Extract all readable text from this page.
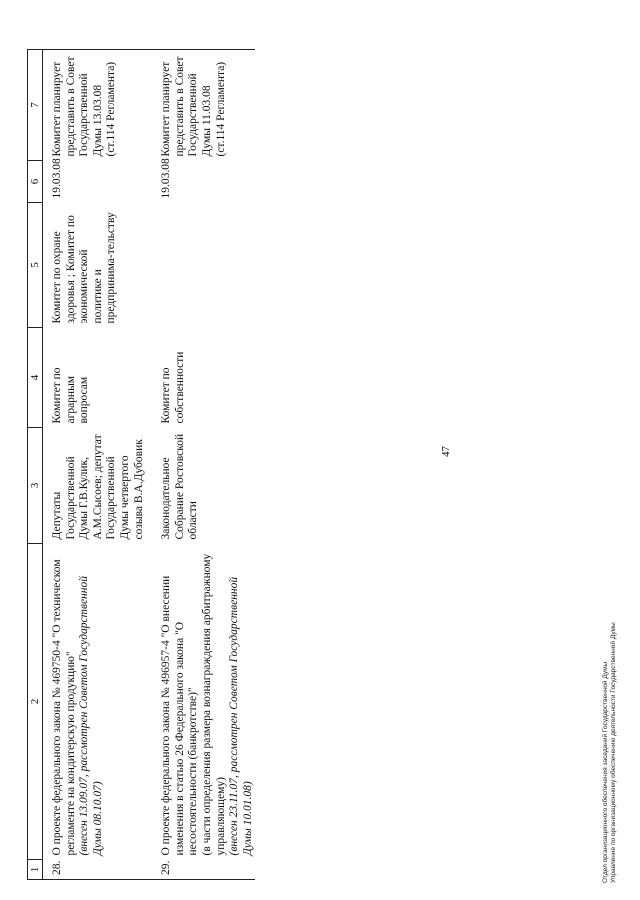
47
1	2	3	4	5	6	7
28.	О проекте федерального закона № 469750-4 "О техническом регламенте на кондитерскую продукцию" (внесен 13.09.07, рассмотрен Советом Государственной Думы 08.10.07)	Депутаты Государственной Думы Г.В.Кулик, А.М.Сысоев; депутат Государственной Думы четвертого созыва В.А.Дубовик	Комитет по аграрным вопросам	Комитет по охране здоровья ; Комитет по экономической политике и предпринима-тельству	19.03.08	Комитет планирует представить в Совет Государственной Думы 13.03.08 (ст.114 Регламента)
29.	О проекте федерального закона № 496957-4 "О внесении изменения в статью 26 Федерального закона "О несостоятельности (банкротстве)" (в части определения размера вознаграждения арбитражному управляющему) (внесен 23.11.07, рассмотрен Советом Государственной Думы 10.01.08)	Законодательное Собрание Ростовской области	Комитет по собственности		19.03.08	Комитет планирует представить в Совет Государственной Думы 11.03.08 (ст.114 Регламента)
Отдел организационного обеспечения заседаний Государственной Думы Управление по организационному обеспечению деятельности Государственной Думы
